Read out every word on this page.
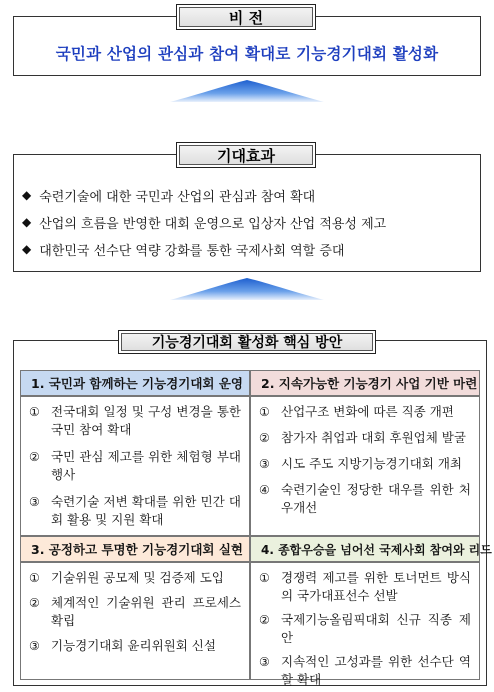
국민과 산업의 관심과 참여 확대로 기능경기대회 활성화
비 전
기대효과
◆ 숙련기술에 대한 국민과 산업의 관심과 참여 확대
◆ 산업의 흐름을 반영한 대회 운영으로 입상자 산업 적용성 제고
◆ 대한민국 선수단 역량 강화를 통한 국제사회 역할 증대
기능경기대회 활성화 핵심 방안
1. 국민과 함께하는 기능경기대회 운영
① 전국대회 일정 및 구성 변경을 통한 국민 참여 확대
② 국민 관심 제고를 위한 체험형 부대 행사
③ 숙련기술 저변 확대를 위한 민간 대회 활용 및 지원 확대
2. 지속가능한 기능경기 사업 기반 마련
① 산업구조 변화에 따른 직종 개편
② 참가자 취업과 대회 후원업체 발굴
③ 시도 주도 지방기능경기대회 개최
④ 숙련기술인 정당한 대우를 위한 처우개선
3. 공정하고 투명한 기능경기대회 실현
① 기술위원 공모제 및 검증제 도입
② 체계적인 기술위원 관리 프로세스 확립
③ 기능경기대회 윤리위원회 신설
4. 종합우승을 넘어선 국제사회 참여와 리드
① 경쟁력 제고를 위한 토너먼트 방식의 국가대표선수 선발
② 국제기능올림픽대회 신규 직종 제안
③ 지속적인 고성과를 위한 선수단 역할 확대
